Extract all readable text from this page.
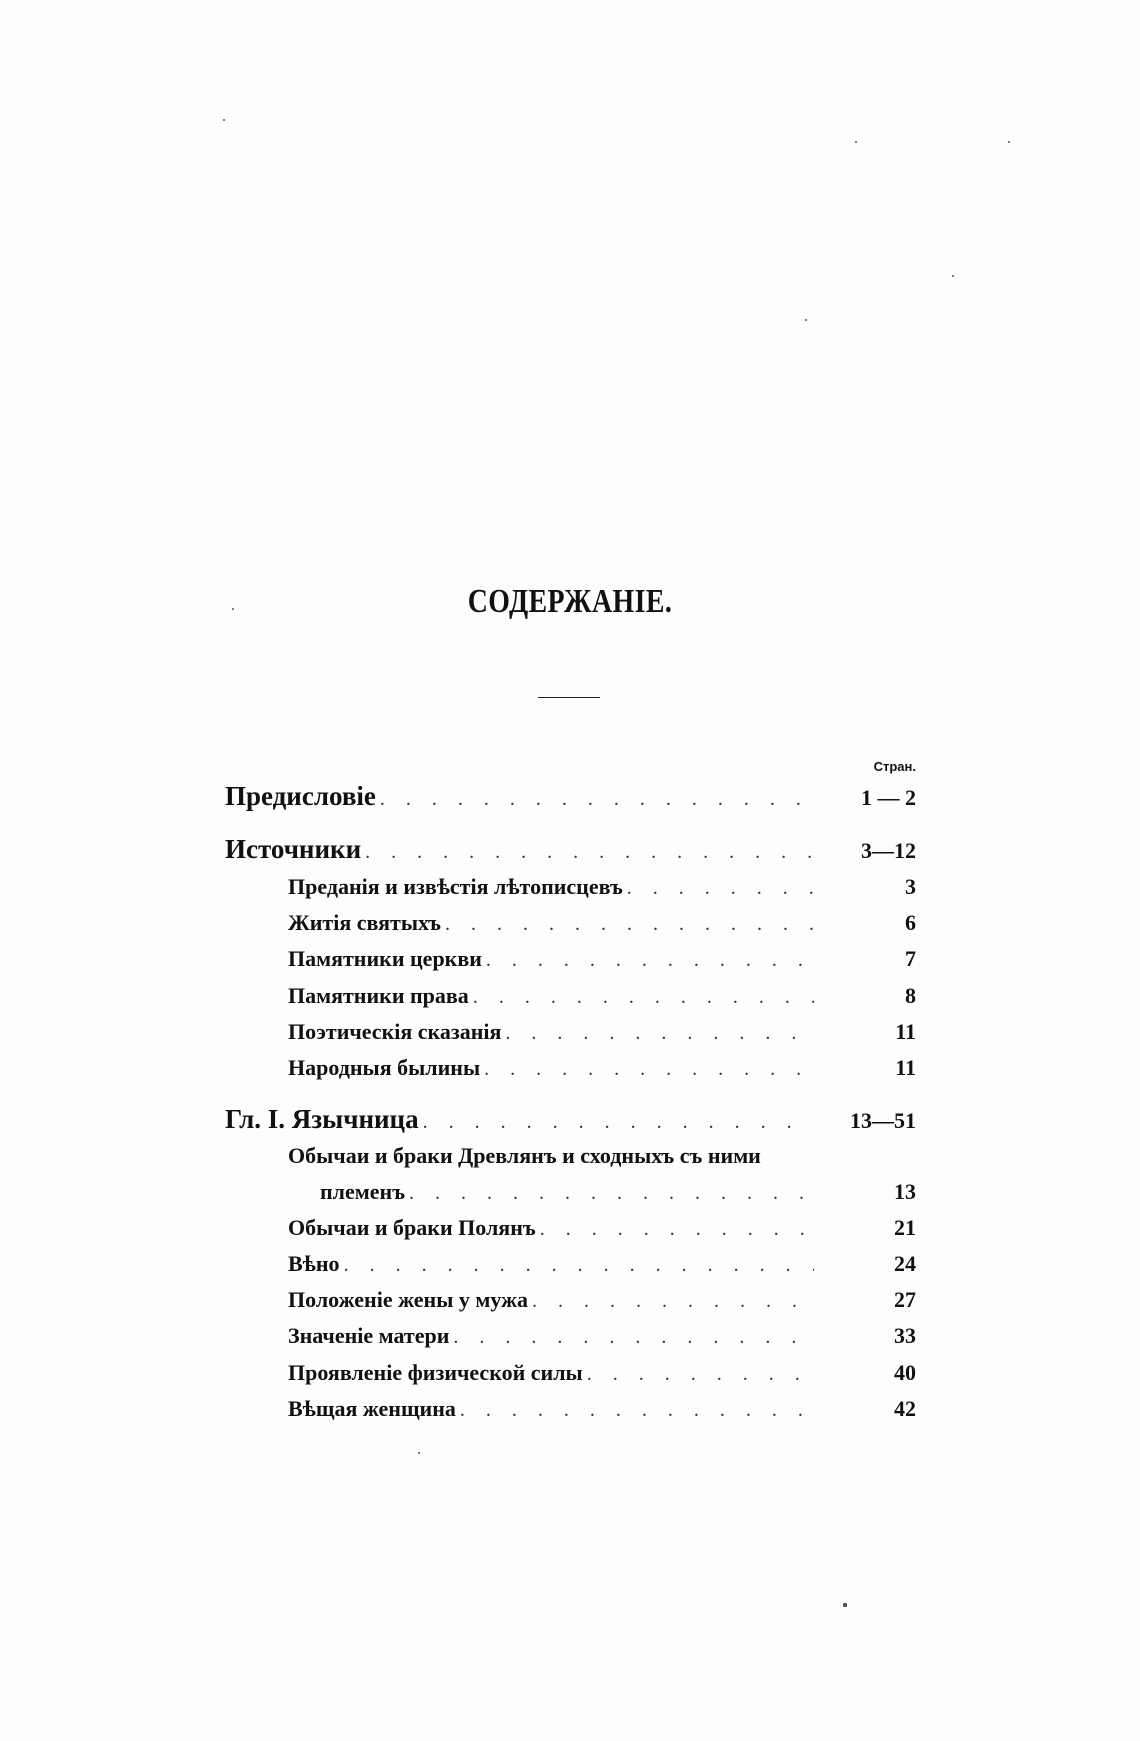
СОДЕРЖАНІЕ.
Стран.
Предисловіе . . .	1 — 2
Источники . . .	3—12
Преданія и извѣстія лѣтописцевъ . . .	3
Житія святыхъ . . .	6
Памятники церкви . . .	7
Памятники права . . .	8
Поэтическія сказанія . . .	11
Народныя былины . . .	11
Гл. I. Язычница . . .	13—51
Обычаи и браки Древлянъ и сходныхъ съ ними
племенъ . . .	13
Обычаи и браки Полянъ . . .	21
Вѣно . . .	24
Положеніе жены у мужа . . .	27
Значеніе матери . . .	33
Проявленіе физической силы . . .	40
Вѣщая женщина . . .	42
